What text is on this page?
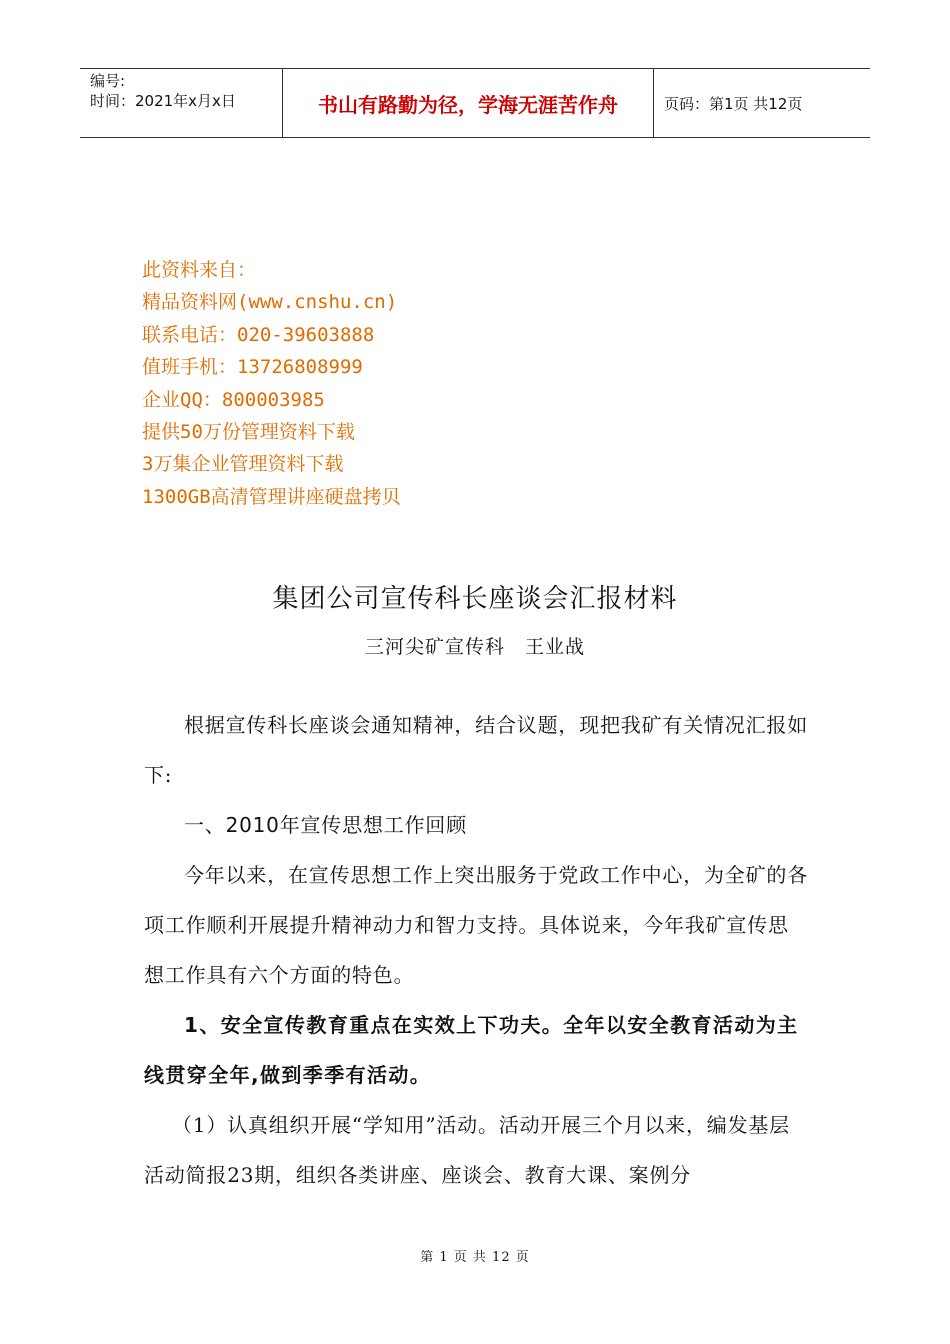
编号:
时间：2021年x月x日	书山有路勤为径，学海无涯苦作舟	页码：第1页 共12页
此资料来自：
精品资料网(www.cnshu.cn)
联系电话：020-39603888
值班手机：13726808999
企业QQ：800003985
提供50万份管理资料下载
3万集企业管理资料下载
1300GB高清管理讲座硬盘拷贝
集团公司宣传科长座谈会汇报材料
三河尖矿宣传科　王业战

根据宣传科长座谈会通知精神，结合议题，现把我矿有关情况汇报如下:

一、2010年宣传思想工作回顾

今年以来，在宣传思想工作上突出服务于党政工作中心，为全矿的各项工作顺利开展提升精神动力和智力支持。具体说来，今年我矿宣传思想工作具有六个方面的特色。

1、安全宣传教育重点在实效上下功夫。全年以安全教育活动为主线贯穿全年,做到季季有活动。

（1）认真组织开展“学知用”活动。活动开展三个月以来，编发基层活动简报23期，组织各类讲座、座谈会、教育大课、案例分

第 1 页 共 12 页
